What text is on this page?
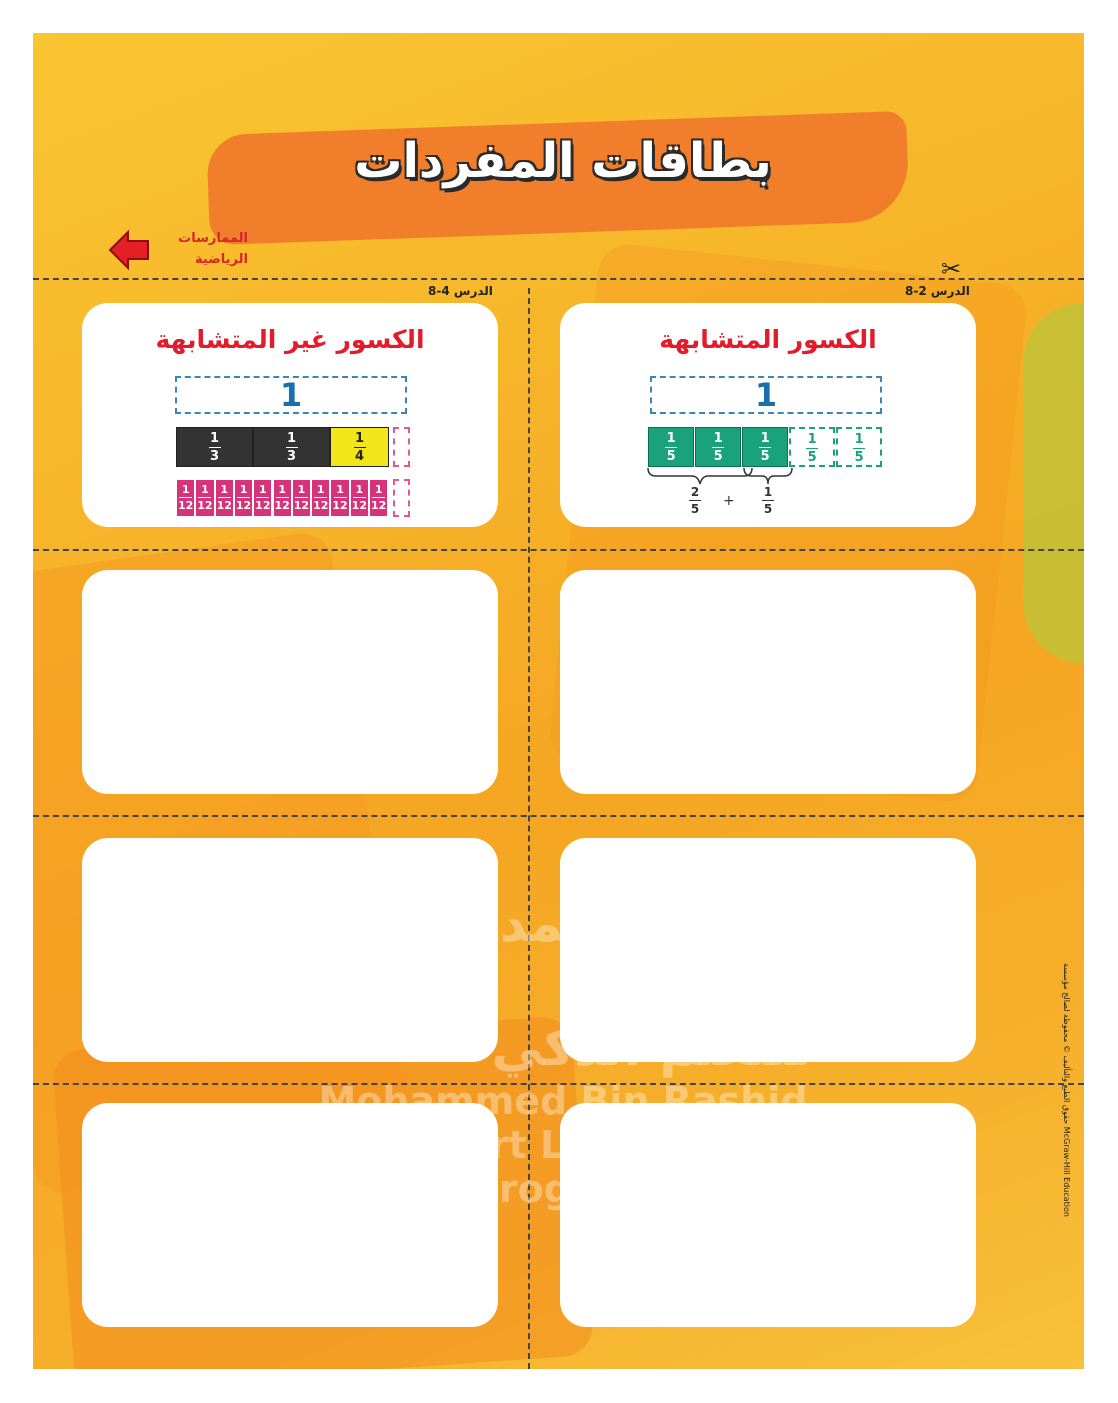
بطاقات المفردات
الممارسات
الرياضية	✂
الدرس 2-8
الدرس 4-8
الكسور المتشابهة
1
1
5
1
5
1
5
1
5
1
5
2
5	+
1
5
الكسور غير المتشابهة
1
1
3
1
3
1
4
1
12
1
12
1
12
1
12
1
12
1
12
1
12
1
12
1
12
1
12
1
12
برنامج محمد بن راشد
للتعلم الذكي
Mohammed Bin Rashid
Smart Learning Program
حقوق الطبع والتأليف © محفوظة لصالح مؤسسة McGraw-Hill Education
